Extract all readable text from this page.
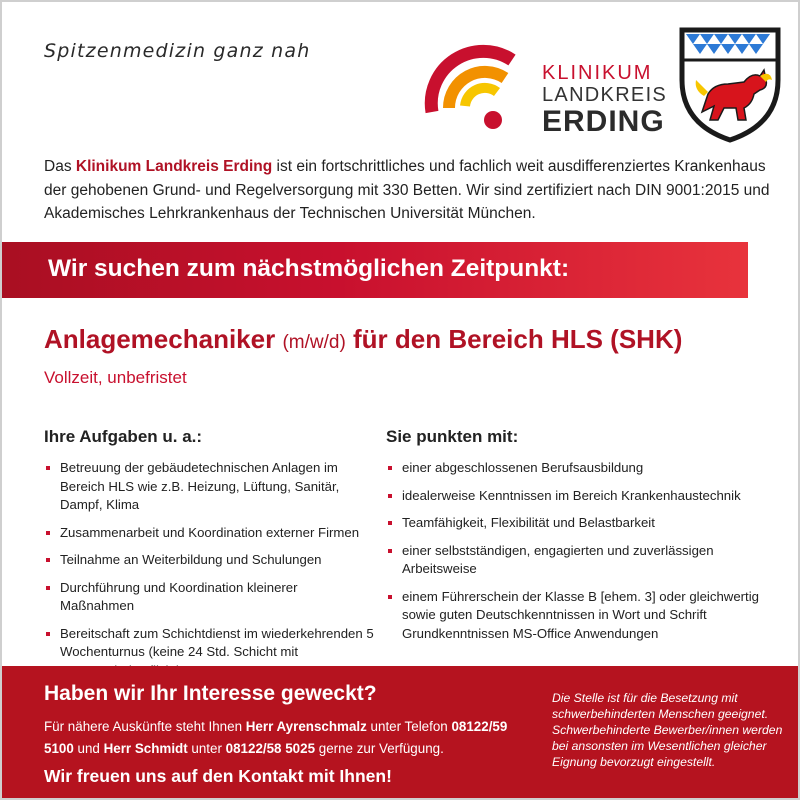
Spitzenmedizin ganz nah
KLINIKUM
LANDKREIS
ERDING

Das Klinikum Landkreis Erding ist ein fortschrittliches und fachlich weit ausdifferenziertes Krankenhaus der gehobenen Grund- und Regelversorgung mit 330 Betten. Wir sind zertifiziert nach DIN 9001:2015 und Akademisches Lehrkrankenhaus der Technischen Universität München.

Wir suchen zum nächstmöglichen Zeitpunkt:
Anlagemechaniker (m/w/d) für den Bereich HLS (SHK)
Vollzeit, unbefristet
Ihre Aufgaben u. a.:
Betreuung der gebäudetechnischen Anlagen im Bereich HLS wie z.B. Heizung, Lüftung, Sanitär, Dampf, Klima
Zusammenarbeit und Koordination externer Firmen
Teilnahme an Weiterbildung und Schulungen
Durchführung und Koordination kleinerer Maßnahmen
Bereitschaft zum Schichtdienst im wiederkehrenden 5 Wochenturnus (keine 24 Std. Schicht mit
Sie punkten mit:
einer abgeschlossenen Berufsausbildung
idealerweise Kenntnissen im Bereich Krankenhaustechnik
Teamfähigkeit, Flexibilität und Belastbarkeit
einer selbstständigen, engagierten und zuverlässigen Arbeitsweise
einem Führerschein der Klasse B [ehem. 3] oder gleichwertig sowie guten Deutschkenntnissen in Wort und Schrift Grundkenntnissen MS-Office Anwendungen
Haben wir Ihr Interesse geweckt?

Für nähere Auskünfte steht Ihnen Herr Ayrenschmalz unter Telefon 08122/59 5100 und Herr Schmidt unter 08122/58 5025 gerne zur Verfügung.

Wir freuen uns auf den Kontakt mit Ihnen!

Die Stelle ist für die Besetzung mit schwerbehinderten Menschen geeignet. Schwerbehinderte Bewerber/innen werden bei ansonsten im Wesentlichen gleicher Eignung bevorzugt eingestellt.
